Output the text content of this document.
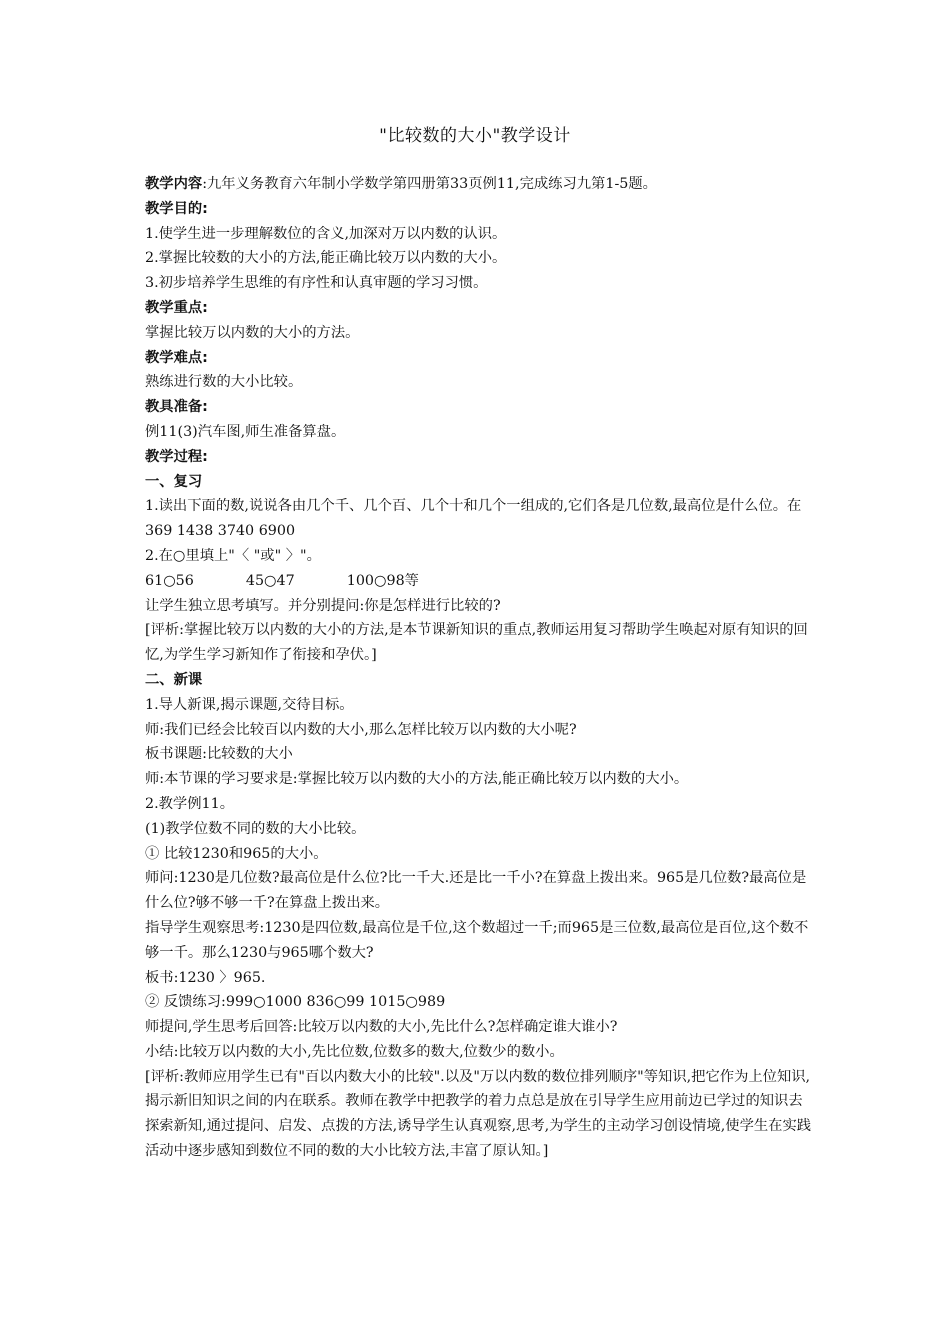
"比较数的大小"教学设计

教学内容:九年义务教育六年制小学数学第四册第33页例11,完成练习九第1-5题。

教学目的:

1.使学生进一步理解数位的含义,加深对万以内数的认识。

2.掌握比较数的大小的方法,能正确比较万以内数的大小。

3.初步培养学生思维的有序性和认真审题的学习习惯。

教学重点:

掌握比较万以内数的大小的方法。

教学难点:

熟练进行数的大小比较。

教具准备:

例11(3)汽车图,师生准备算盘。

教学过程:

一、复习

1.读出下面的数,说说各由几个千、几个百、几个十和几个一组成的,它们各是几位数,最高位是什么位。在

369 1438 3740 6900

2.在○里填上"〈 "或" 〉"。

61○56	45○47	100○98等

让学生独立思考填写。并分别提问:你是怎样进行比较的?

[评析:掌握比较万以内数的大小的方法,是本节课新知识的重点,教师运用复习帮助学生唤起对原有知识的回忆,为学生学习新知作了衔接和孕伏。]

二、新课

1.导人新课,揭示课题,交待目标。

师:我们已经会比较百以内数的大小,那么怎样比较万以内数的大小呢?

板书课题:比较数的大小

师:本节课的学习要求是:掌握比较万以内数的大小的方法,能正确比较万以内数的大小。

2.教学例11。

(1)教学位数不同的数的大小比较。

① 比较1230和965的大小。

师问:1230是几位数?最高位是什么位?比一千大.还是比一千小?在算盘上拨出来。965是几位数?最高位是什么位?够不够一千?在算盘上拨出来。

指导学生观察思考:1230是四位数,最高位是千位,这个数超过一千;而965是三位数,最高位是百位,这个数不够一千。那么1230与965哪个数大?

板书:1230 〉965.

② 反馈练习:999○1000 836○99 1015○989

师提问,学生思考后回答:比较万以内数的大小,先比什么?怎样确定谁大谁小?

小结:比较万以内数的大小,先比位数,位数多的数大,位数少的数小。

[评析:教师应用学生已有"百以内数大小的比较".以及"万以内数的数位排列顺序"等知识,把它作为上位知识,揭示新旧知识之间的内在联系。教师在教学中把教学的着力点总是放在引导学生应用前边已学过的知识去探索新知,通过提问、启发、点拨的方法,诱导学生认真观察,思考,为学生的主动学习创设情境,使学生在实践活动中逐步感知到数位不同的数的大小比较方法,丰富了原认知。]
